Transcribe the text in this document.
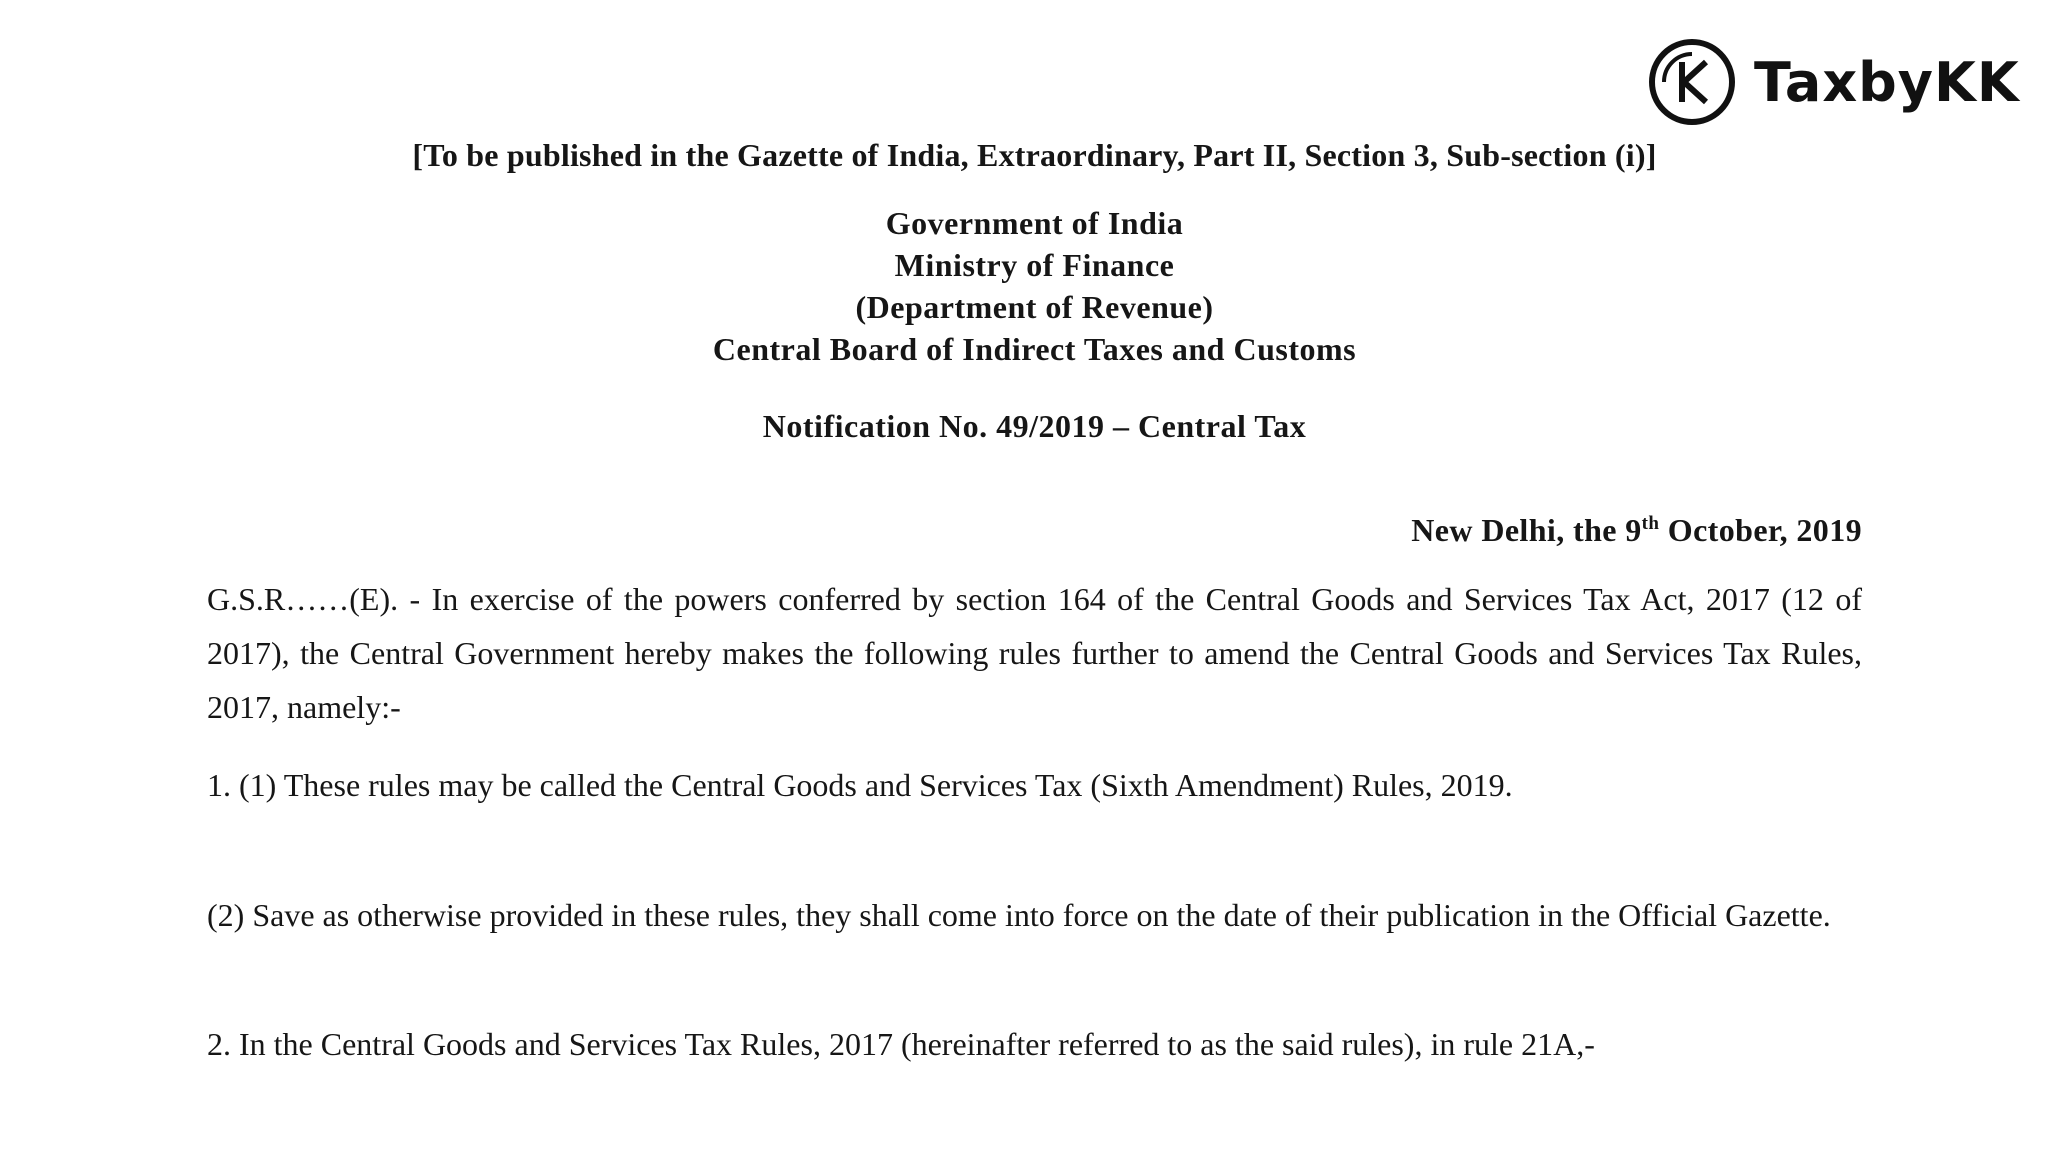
TaxbyKK
[To be published in the Gazette of India, Extraordinary, Part II, Section 3, Sub-section (i)]
Government of India
Ministry of Finance
(Department of Revenue)
Central Board of Indirect Taxes and Customs
Notification No. 49/2019 – Central Tax
New Delhi, the 9th October, 2019
G.S.R……(E). - In exercise of the powers conferred by section 164 of the Central Goods and Services Tax Act, 2017 (12 of 2017), the Central Government hereby makes the following rules further to amend the Central Goods and Services Tax Rules, 2017, namely:-
1. (1) These rules may be called the Central Goods and Services Tax (Sixth Amendment) Rules, 2019.
(2) Save as otherwise provided in these rules, they shall come into force on the date of their publication in the Official Gazette.
2. In the Central Goods and Services Tax Rules, 2017 (hereinafter referred to as the said rules), in rule 21A,-
